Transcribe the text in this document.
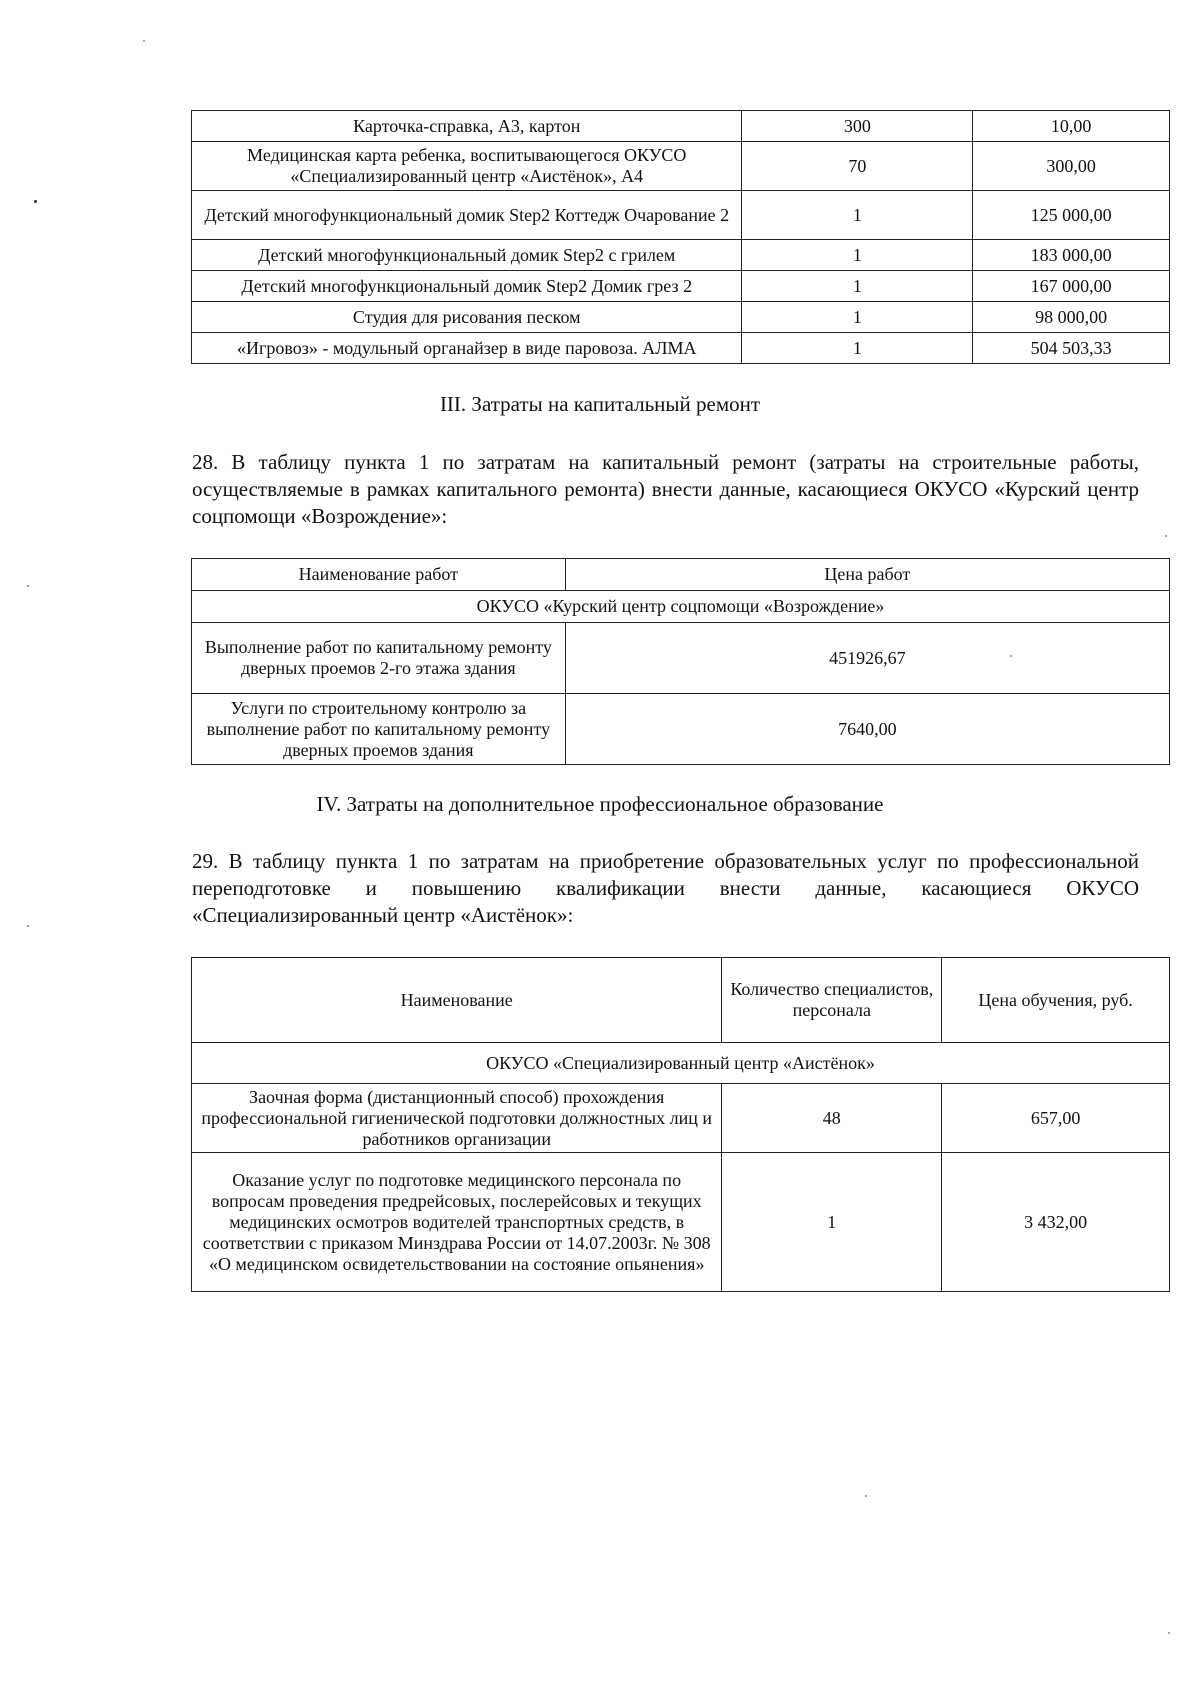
Карточка-справка, А3, картон	300	10,00
Медицинская карта ребенка, воспитывающегося ОКУСО «Специализированный центр «Аистёнок», А4	70	300,00
Детский многофункциональный домик Step2 Коттедж Очарование 2	1	125 000,00
Детский многофункциональный домик Step2 с грилем	1	183 000,00
Детский многофункциональный домик Step2 Домик грез 2	1	167 000,00
Студия для рисования песком	1	98 000,00
«Игровоз» - модульный органайзер в виде паровоза. АЛМА	1	504 503,33
III. Затраты на капитальный ремонт
28. В таблицу пункта 1 по затратам на капитальный ремонт (затраты на строительные работы, осуществляемые в рамках капитального ремонта) внести данные, касающиеся ОКУСО «Курский центр соцпомощи «Возрождение»:
Наименование работ	Цена работ
ОКУСО «Курский центр соцпомощи «Возрождение»	
Выполнение работ по капитальному ремонту дверных проемов 2-го этажа здания	451926,67
Услуги по строительному контролю за выполнение работ по капитальному ремонту дверных проемов здания	7640,00
IV. Затраты на дополнительное профессиональное образование
29. В таблицу пункта 1 по затратам на приобретение образовательных услуг по профессиональной переподготовке и повышению квалификации внести данные, касающиеся ОКУСО «Специализированный центр «Аистёнок»:
Наименование	Количество специалистов, персонала	Цена обучения, руб.
ОКУСО «Специализированный центр «Аистёнок»		
Заочная форма (дистанционный способ) прохождения профессиональной гигиенической подготовки должностных лиц и работников организации	48	657,00
Оказание услуг по подготовке медицинского персонала по вопросам проведения предрейсовых, послерейсовых и текущих медицинских осмотров водителей транспортных средств, в соответствии с приказом Минздрава России от 14.07.2003г. № 308 «О медицинском освидетельствовании на состояние опьянения»	1	3 432,00
